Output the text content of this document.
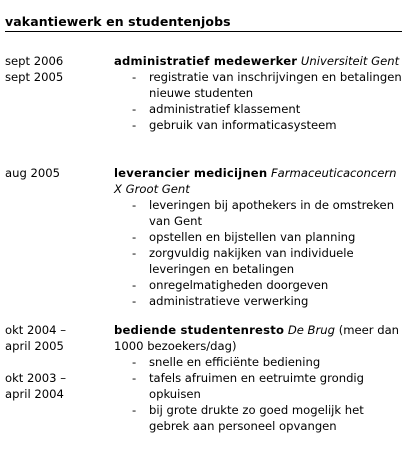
vakantiewerk en studentenjobs
sept 2006
sept 2005
administratief medewerker Universiteit Gent
- registratie van inschrijvingen en betalingen nieuwe studenten
- administratief klassement
- gebruik van informaticasysteem
aug 2005	leverancier medicijnen Farmaceuticaconcern X Groot Gent
- leveringen bij apothekers in de omstreken van Gent
- opstellen en bijstellen van planning
- zorgvuldig nakijken van individuele leveringen en betalingen
- onregelmatigheden doorgeven
- administratieve verwerking
okt 2004 –
april 2005
okt 2003 –
april 2004
bediende studentenresto De Brug (meer dan 1000 bezoekers/dag)
- snelle en efficiënte bediening
- tafels afruimen en eetruimte grondig opkuisen
- bij grote drukte zo goed mogelijk het gebrek aan personeel opvangen
